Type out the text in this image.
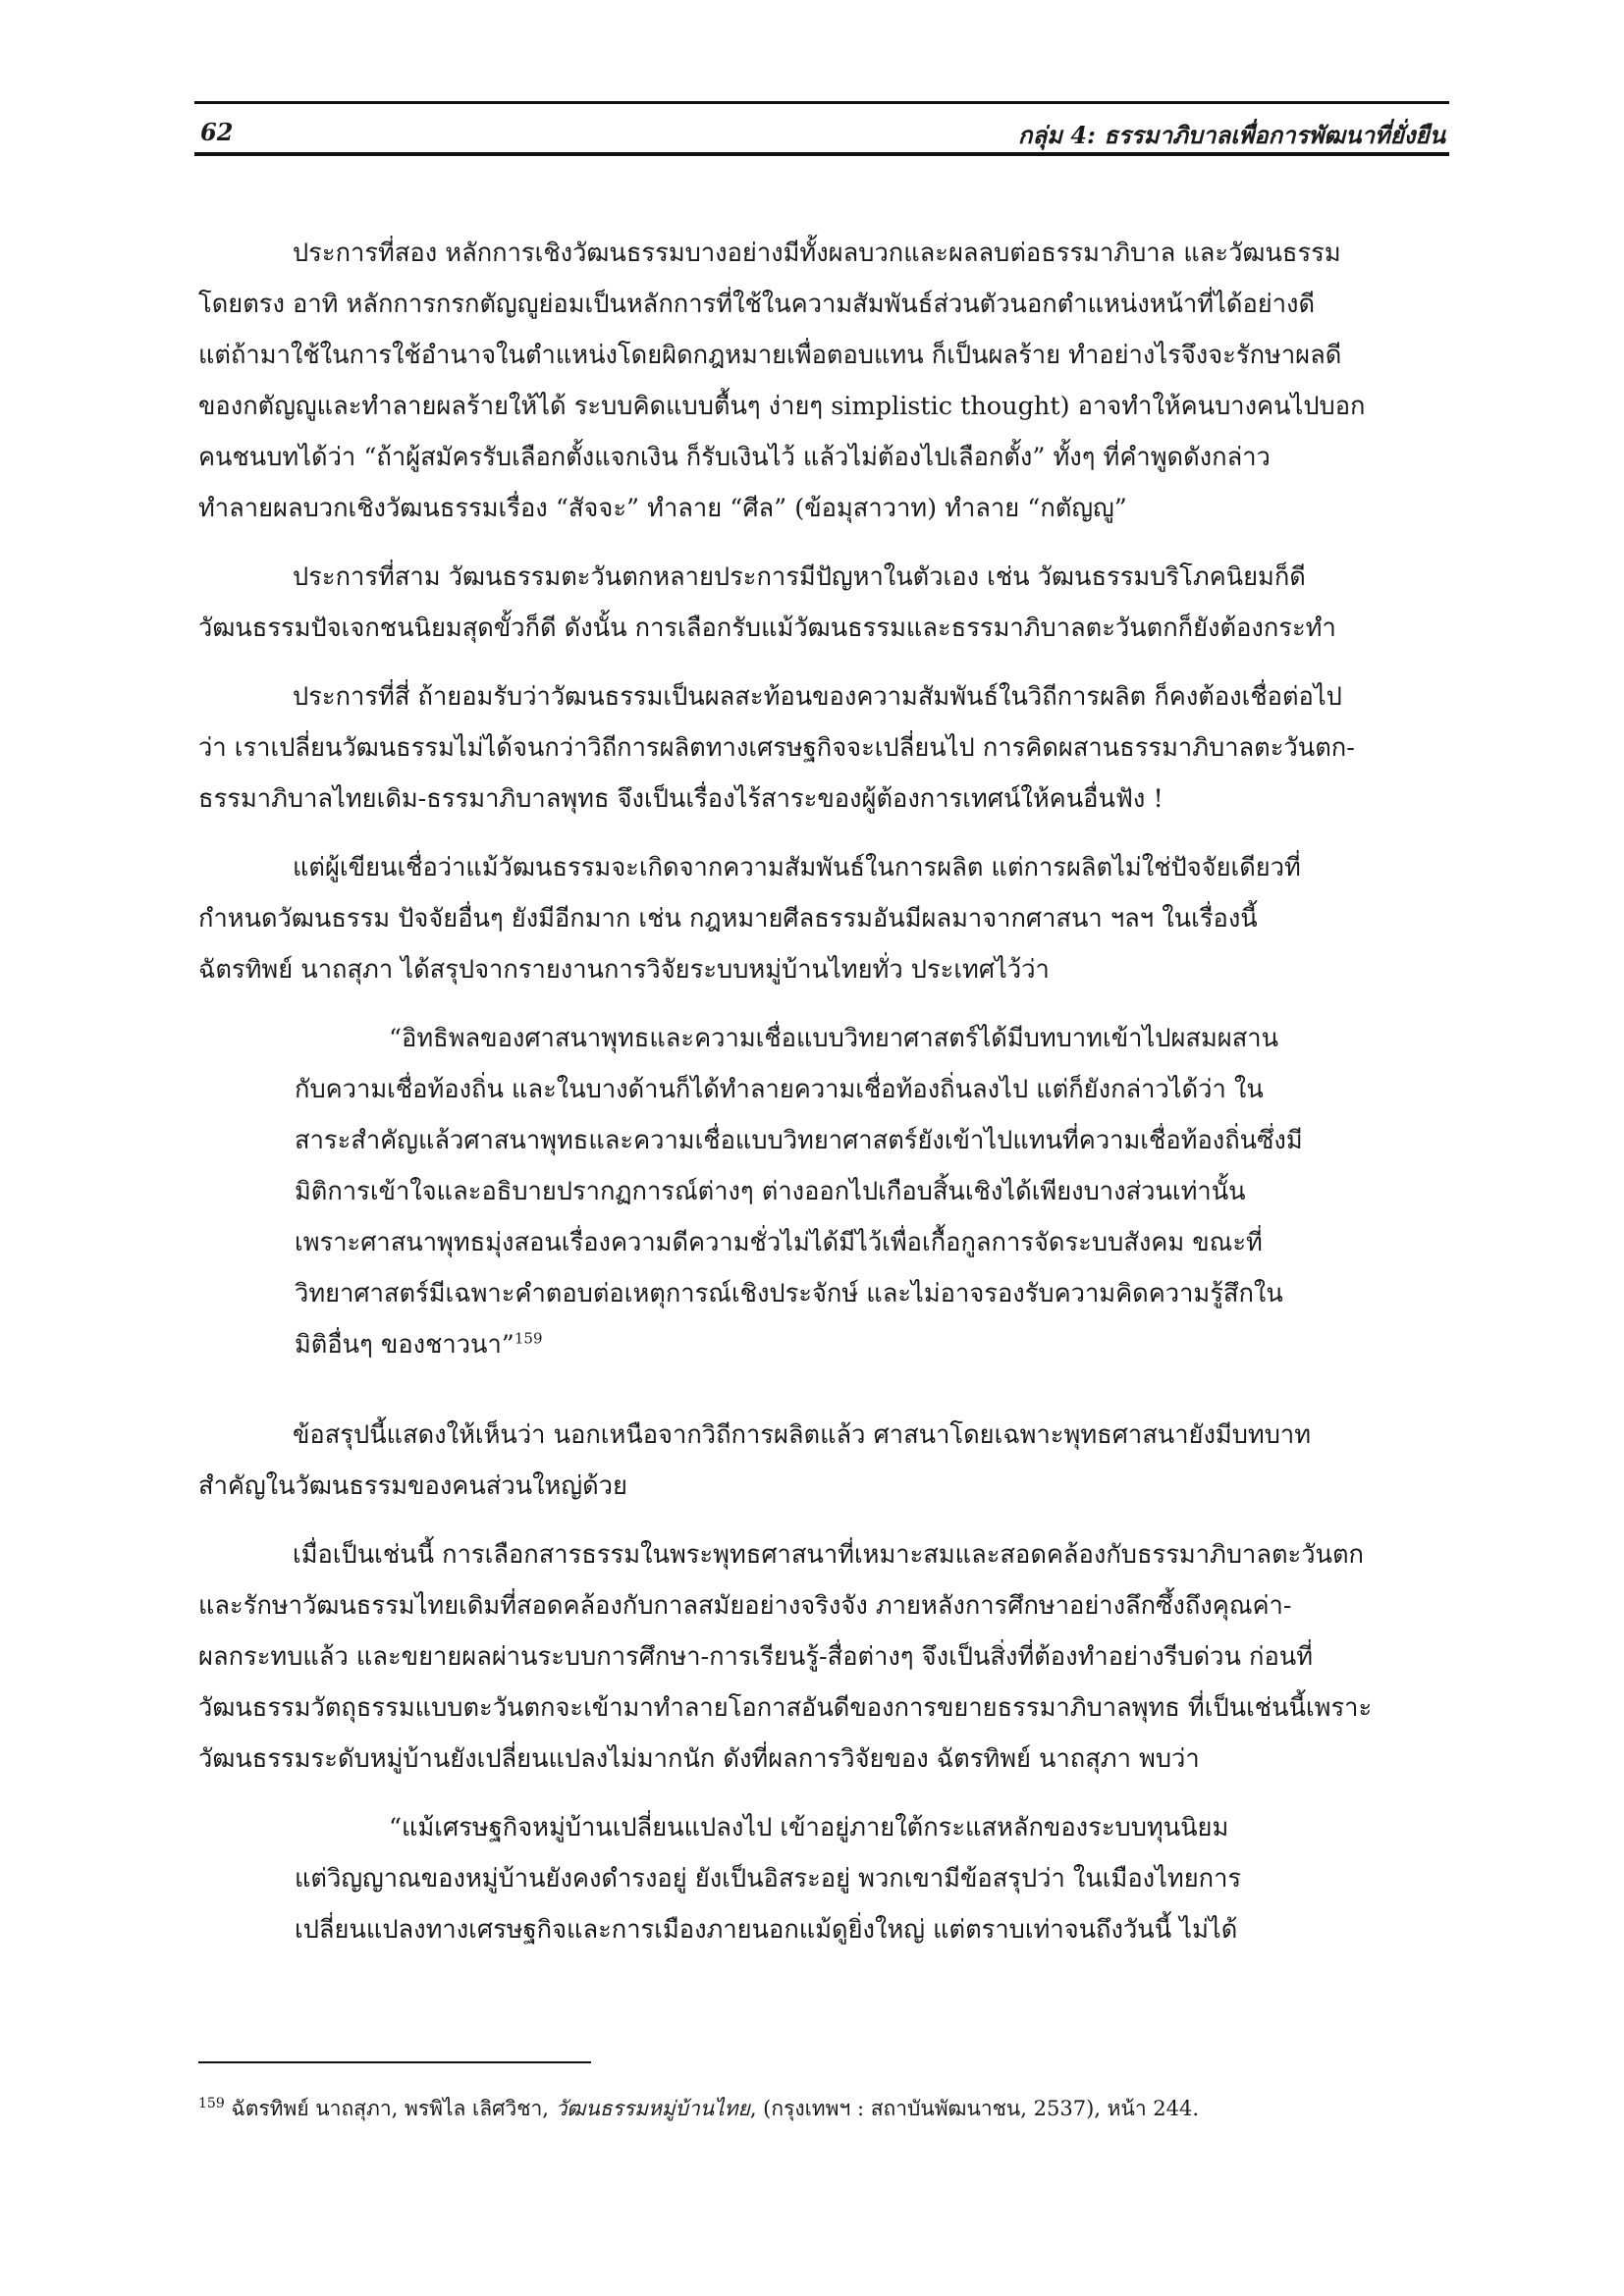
62	กลุ่ม 4: ธรรมาภิบาลเพื่อการพัฒนาที่ยั่งยืน
ประการที่สอง หลักการเชิงวัฒนธรรมบางอย่างมีทั้งผลบวกและผลลบต่อธรรมาภิบาล และวัฒนธรรม
โดยตรง อาทิ หลักการกรกตัญญูย่อมเป็นหลักการที่ใช้ในความสัมพันธ์ส่วนตัวนอกตำแหน่งหน้าที่ได้อย่างดี
แต่ถ้ามาใช้ในการใช้อำนาจในตำแหน่งโดยผิดกฎหมายเพื่อตอบแทน ก็เป็นผลร้าย ทำอย่างไรจึงจะรักษาผลดี
ของกตัญญูและทำลายผลร้ายให้ได้ ระบบคิดแบบตื้นๆ ง่ายๆ simplistic thought) อาจทำให้คนบางคนไปบอก
คนชนบทได้ว่า “ถ้าผู้สมัครรับเลือกตั้งแจกเงิน ก็รับเงินไว้ แล้วไม่ต้องไปเลือกตั้ง” ทั้งๆ ที่คำพูดดังกล่าว
ทำลายผลบวกเชิงวัฒนธรรมเรื่อง “สัจจะ” ทำลาย “ศีล” (ข้อมุสาวาท) ทำลาย “กตัญญู”
ประการที่สาม วัฒนธรรมตะวันตกหลายประการมีปัญหาในตัวเอง เช่น วัฒนธรรมบริโภคนิยมก็ดี
วัฒนธรรมปัจเจกชนนิยมสุดขั้วก็ดี ดังนั้น การเลือกรับแม้วัฒนธรรมและธรรมาภิบาลตะวันตกก็ยังต้องกระทำ
ประการที่สี่ ถ้ายอมรับว่าวัฒนธรรมเป็นผลสะท้อนของความสัมพันธ์ในวิถีการผลิต ก็คงต้องเชื่อต่อไป
ว่า เราเปลี่ยนวัฒนธรรมไม่ได้จนกว่าวิถีการผลิตทางเศรษฐกิจจะเปลี่ยนไป การคิดผสานธรรมาภิบาลตะวันตก-
ธรรมาภิบาลไทยเดิม-ธรรมาภิบาลพุทธ จึงเป็นเรื่องไร้สาระของผู้ต้องการเทศน์ให้คนอื่นฟัง !
แต่ผู้เขียนเชื่อว่าแม้วัฒนธรรมจะเกิดจากความสัมพันธ์ในการผลิต แต่การผลิตไม่ใช่ปัจจัยเดียวที่
กำหนดวัฒนธรรม ปัจจัยอื่นๆ ยังมีอีกมาก เช่น กฎหมายศีลธรรมอันมีผลมาจากศาสนา ฯลฯ ในเรื่องนี้
ฉัตรทิพย์ นาถสุภา ได้สรุปจากรายงานการวิจัยระบบหมู่บ้านไทยทั่ว ประเทศไว้ว่า
“อิทธิพลของศาสนาพุทธและความเชื่อแบบวิทยาศาสตร์ได้มีบทบาทเข้าไปผสมผสาน
กับความเชื่อท้องถิ่น และในบางด้านก็ได้ทำลายความเชื่อท้องถิ่นลงไป แต่ก็ยังกล่าวได้ว่า ใน
สาระสำคัญแล้วศาสนาพุทธและความเชื่อแบบวิทยาศาสตร์ยังเข้าไปแทนที่ความเชื่อท้องถิ่นซึ่งมี
มิติการเข้าใจและอธิบายปรากฏการณ์ต่างๆ ต่างออกไปเกือบสิ้นเชิงได้เพียงบางส่วนเท่านั้น
เพราะศาสนาพุทธมุ่งสอนเรื่องความดีความชั่วไม่ได้มีไว้เพื่อเกื้อกูลการจัดระบบสังคม ขณะที่
วิทยาศาสตร์มีเฉพาะคำตอบต่อเหตุการณ์เชิงประจักษ์ และไม่อาจรองรับความคิดความรู้สึกใน
มิติอื่นๆ ของชาวนา”$^{159}$
ข้อสรุปนี้แสดงให้เห็นว่า นอกเหนือจากวิถีการผลิตแล้ว ศาสนาโดยเฉพาะพุทธศาสนายังมีบทบาท
สำคัญในวัฒนธรรมของคนส่วนใหญ่ด้วย
เมื่อเป็นเช่นนี้ การเลือกสารธรรมในพระพุทธศาสนาที่เหมาะสมและสอดคล้องกับธรรมาภิบาลตะวันตก
และรักษาวัฒนธรรมไทยเดิมที่สอดคล้องกับกาลสมัยอย่างจริงจัง ภายหลังการศึกษาอย่างลึกซึ้งถึงคุณค่า-
ผลกระทบแล้ว และขยายผลผ่านระบบการศึกษา-การเรียนรู้-สื่อต่างๆ จึงเป็นสิ่งที่ต้องทำอย่างรีบด่วน ก่อนที่
วัฒนธรรมวัตถุธรรมแบบตะวันตกจะเข้ามาทำลายโอกาสอันดีของการขยายธรรมาภิบาลพุทธ ที่เป็นเช่นนี้เพราะ
วัฒนธรรมระดับหมู่บ้านยังเปลี่ยนแปลงไม่มากนัก ดังที่ผลการวิจัยของ ฉัตรทิพย์ นาถสุภา พบว่า
“แม้เศรษฐกิจหมู่บ้านเปลี่ยนแปลงไป เข้าอยู่ภายใต้กระแสหลักของระบบทุนนิยม
แต่วิญญาณของหมู่บ้านยังคงดำรงอยู่ ยังเป็นอิสระอยู่ พวกเขามีข้อสรุปว่า ในเมืองไทยการ
เปลี่ยนแปลงทางเศรษฐกิจและการเมืองภายนอกแม้ดูยิ่งใหญ่ แต่ตราบเท่าจนถึงวันนี้ ไม่ได้
$^{159}$ ฉัตรทิพย์ นาถสุภา, พรพิไล เลิศวิชา, วัฒนธรรมหมู่บ้านไทย, (กรุงเทพฯ : สถาบันพัฒนาชน, 2537), หน้า 244.
